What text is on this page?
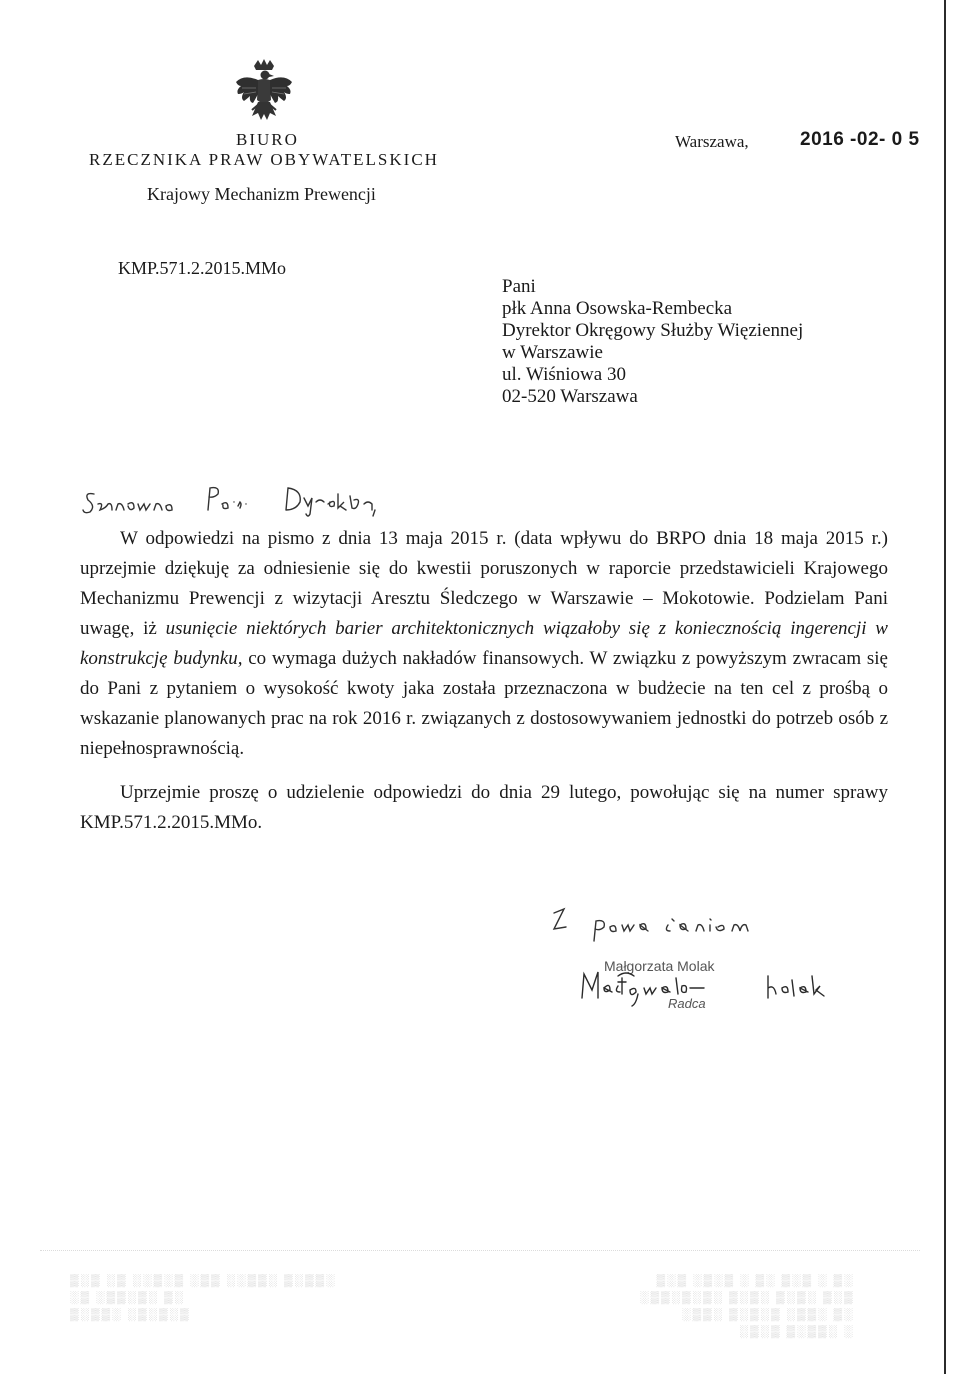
BIURO
RZECZNIKA PRAW OBYWATELSKICH
Krajowy Mechanizm Prewencji
Warszawa,	2016 -02- 0 5
KMP.571.2.2015.MMo
Pani
płk Anna Osowska-Rembecka
Dyrektor Okręgowy Służby Więziennej
w Warszawie
ul. Wiśniowa 30
02-520 Warszawa

W odpowiedzi na pismo z dnia 13 maja 2015 r. (data wpływu do BRPO dnia 18 maja 2015 r.) uprzejmie dziękuję za odniesienie się do kwestii poruszonych w raporcie przedstawicieli Krajowego Mechanizmu Prewencji z wizytacji Aresztu Śledczego w Warszawie – Mokotowie. Podzielam Pani uwagę, iż usunięcie niektórych barier architektonicznych wiązałoby się z koniecznością ingerencji w konstrukcję budynku, co wymaga dużych nakładów finansowych. W związku z powyższym zwracam się do Pani z pytaniem o wysokość kwoty jaka została przeznaczona w budżecie na ten cel z prośbą o wskazanie planowanych prac na rok 2016 r. związanych z dostosowywaniem jednostki do potrzeb osób z niepełnosprawnością.

Uprzejmie proszę o udzielenie odpowiedzi do dnia 29 lutego, powołując się na numer sprawy KMP.571.2.2015.MMo.

Małgorzata Molak
Radca
▒░▒ ░▒ ░░▒░▒ ░▒▒ ░░▒▒░ ▒░▒▒░
░▒ ░▒▒░▒░ ▒░
▒░▒▒░ ░▒░▒░▒
▒░▒ ░▒░▒ ░ ▒░ ▒░▒ ░ ▒░
░▒▒░▒░▒░ ▒░▒░ ▒░▒░ ▒░▒
░▒▒░ ▒░▒░▒ ░▒▒░ ▒░
░▒░▒ ▒░▒▒░ ░
